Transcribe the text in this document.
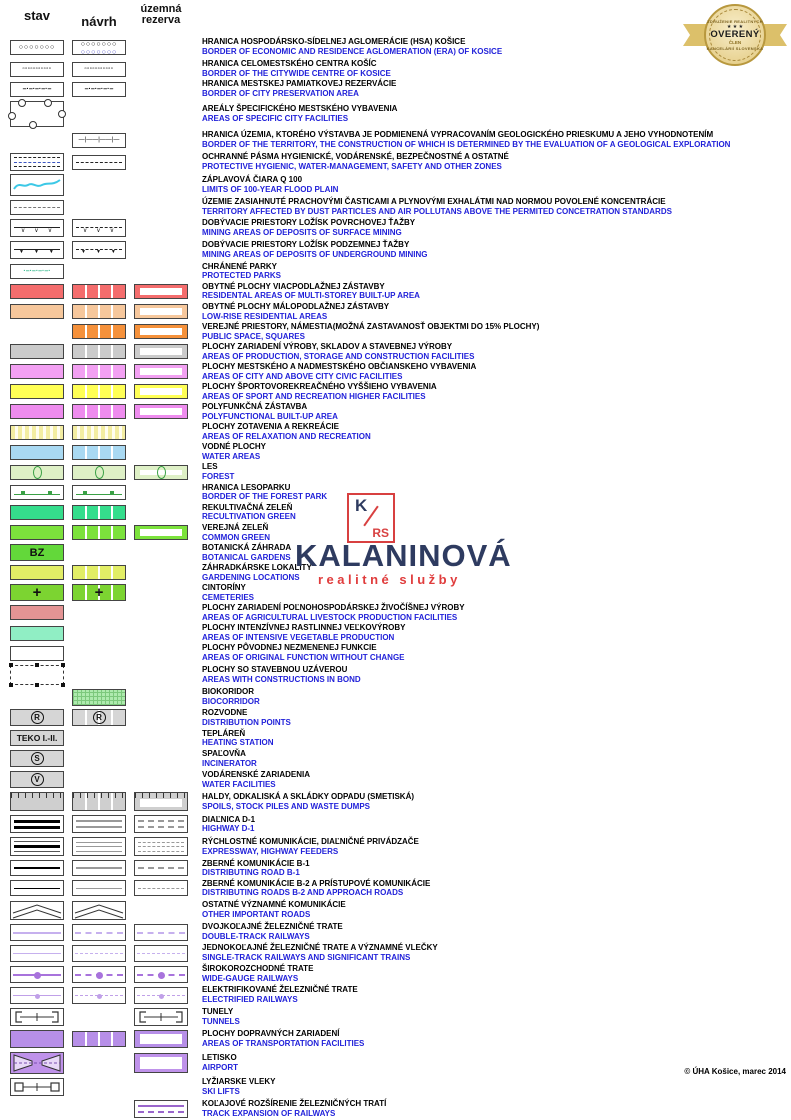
stav	návrh
územná rezerva
○○○○○○○	○○○○○○○
○○○○○○○
HRANICA HOSPODÁRSKO-SÍDELNEJ AGLOMERÁCIE (HSA) KOŠICE
BORDER OF ECONOMIC AND RESIDENCE AGLOMERATION (ERA) OF KOSICE
▫▫▫▫▫▫▫▫▫▫▫	▫▫▫▫▫▫▫▫▫▫▫
HRANICA CELOMESTSKÉHO CENTRA KOŠÍC
BORDER OF THE CITYWIDE CENTRE OF KOSICE
–·–·–·–·–	–·–·–·–·–
HRANICA MESTSKEJ PAMIATKOVEJ REZERVÁCIE
BORDER OF CITY PRESERVATION AREA
AREÁLY ŠPECIFICKÉHO MESTSKÉHO VYBAVENIA
AREAS OF SPECIFIC CITY FACILITIES
—|——|——|—
HRANICA ÚZEMIA, KTORÉHO VÝSTAVBA JE PODMIENENÁ VYPRACOVANÍM GEOLOGICKÉHO PRIESKUMU A JEHO VYHODNOTENÍM
BORDER OF THE TERRITORY, THE CONSTRUCTION OF WHICH IS DETERMINED BY THE EVALUATION OF A GEOLOGICAL EXPLORATION
OCHRANNÉ PÁSMA HYGIENICKÉ, VODÁRENSKÉ, BEZPEČNOSTNÉ A OSTATNÉ
PROTECTIVE HYGIENIC, WATER-MANAGEMENT, SAFETY AND OTHER ZONES
ZÁPLAVOVÁ ČIARA Q 100
LIMITS OF 100-YEAR FLOOD PLAIN
ÚZEMIE ZASIAHNUTÉ PRACHOVÝMI ČASTICAMI A PLYNOVÝMI EXHALÁTMI NAD NORMOU POVOLENÉ KONCENTRÁCIE
TERRITORY AFFECTED BY DUST PARTICLES AND AIR POLLUTANS ABOVE THE PERMITED CONCETRATION STANDARDS
∨∨∨	∨∨∨
DOBÝVACIE PRIESTORY LOŽÍSK POVRCHOVEJ ŤAŽBY
MINING AREAS OF DEPOSITS OF SURFACE MINING
▼▼▼	▼▼▼
DOBÝVACIE PRIESTORY LOŽÍSK PODZEMNEJ ŤAŽBY
MINING AREAS OF DEPOSITS OF UNDERGROUND MINING
·–·–·–·–·
CHRÁNENÉ PARKY
PROTECTED PARKS
OBYTNÉ PLOCHY VIACPODLAŽNEJ ZÁSTAVBY
RESIDENTAL AREAS OF MULTI-STOREY BUILT-UP AREA
OBYTNÉ PLOCHY MÁLOPODLAŽNEJ ZÁSTAVBY
LOW-RISE RESIDENTIAL AREAS
VEREJNÉ PRIESTORY, NÁMESTIA(MOŽNÁ ZASTAVANOSŤ OBJEKTMI DO 15% PLOCHY)
PUBLIC SPACE, SQUARES
PLOCHY ZARIADENÍ VÝROBY, SKLADOV A STAVEBNEJ VÝROBY
AREAS OF PRODUCTION, STORAGE AND CONSTRUCTION FACILITIES
PLOCHY MESTSKÉHO A NADMESTSKÉHO OBČIANSKEHO VYBAVENIA
AREAS OF CITY AND ABOVE CITY CIVIC FACILITIES
PLOCHY ŠPORTOVOREKREAČNÉHO VYŠŠIEHO VYBAVENIA
AREAS OF SPORT AND RECREATION HIGHER FACILITIES
POLYFUNKČNÁ ZÁSTAVBA
POLYFUNCTIONAL BUILT-UP AREA
PLOCHY ZOTAVENIA A REKREÁCIE
AREAS OF RELAXATION AND RECREATION
VODNÉ PLOCHY
WATER AREAS
LES
FOREST
HRANICA LESOPARKU
BORDER OF THE FOREST PARK
REKULTIVAČNÁ ZELEŇ
RECULTIVATION GREEN
VEREJNÁ ZELEŇ
COMMON GREEN
BZ	BOTANICKÁ ZÁHRADA
BOTANICAL GARDENS
ZÁHRADKÁRSKE LOKALITY
GARDENING LOCATIONS
+	+	CINTORÍNY
CEMETERIES
PLOCHY ZARIADENÍ POĽNOHOSPODÁRSKEJ ŽIVOČÍŠNEJ VÝROBY
AREAS OF AGRICULTURAL LIVESTOCK PRODUCTION FACILITIES
PLOCHY INTENZÍVNEJ RASTLINNEJ VEĽKOVÝROBY
AREAS OF INTENSIVE VEGETABLE PRODUCTION
PLOCHY PÔVODNEJ NEZMENENEJ FUNKCIE
AREAS OF ORIGINAL FUNCTION WITHOUT CHANGE
PLOCHY SO STAVEBNOU UZÁVEROU
AREAS WITH CONSTRUCTIONS IN BOND
BIOKORIDOR
BIOCORRIDOR
R	R
ROZVODNE
DISTRIBUTION POINTS
TEKO I.-II.
TEPLÁREŇ
HEATING STATION
S
SPAĽOVŇA
INCINERATOR
V
VODÁRENSKÉ ZARIADENIA
WATER FACILITIES
HALDY, ODKALISKÁ A SKLÁDKY ODPADU (SMETISKÁ)
SPOILS, STOCK PILES AND WASTE DUMPS
DIAĽNICA D-1
HIGHWAY D-1
RÝCHLOSTNÉ KOMUNIKÁCIE, DIAĽNIČNÉ PRIVÁDZAČE
EXPRESSWAY, HIGHWAY FEEDERS
ZBERNÉ KOMUNIKÁCIE B-1
DISTRIBUTING ROAD B-1
ZBERNÉ KOMUNIKÁCIE B-2 A PRÍSTUPOVÉ KOMUNIKÁCIE
DISTRIBUTING ROADS B-2 AND APPROACH ROADS
OSTATNÉ VÝZNAMNÉ KOMUNIKÁCIE
OTHER IMPORTANT ROADS
DVOJKOĽAJNÉ ŽELEZNIČNÉ TRATE
DOUBLE-TRACK RAILWAYS
JEDNOKOĽAJNÉ ŽELEZNIČNÉ TRATE A VÝZNAMNÉ VLEČKY
SINGLE-TRACK RAILWAYS AND SIGNIFICANT TRAINS
ŠIROKOROZCHODNÉ TRATE
WIDE-GAUGE RAILWAYS
ELEKTRIFIKOVANÉ ŽELEZNIČNÉ TRATE
ELECTRIFIED RAILWAYS
TUNELY
TUNNELS
PLOCHY DOPRAVNÝCH ZARIADENÍ
AREAS OF TRANSPORTATION FACILITIES
LETISKO
AIRPORT
LYŽIARSKE VLEKY
SKI LIFTS
KOĽAJOVÉ ROZŠÍRENIE ŽELEZNIČNÝCH TRATÍ
TRACK EXPANSION OF RAILWAYS
K
RS
KALANINOVÁ
realitné služby
ZDRUŽENIE REALITNÝCH
★ ★ ★
OVERENÝ
ČLEN
KANCELÁRIÍ SLOVENSKA
© ÚHA Košice, marec 2014
